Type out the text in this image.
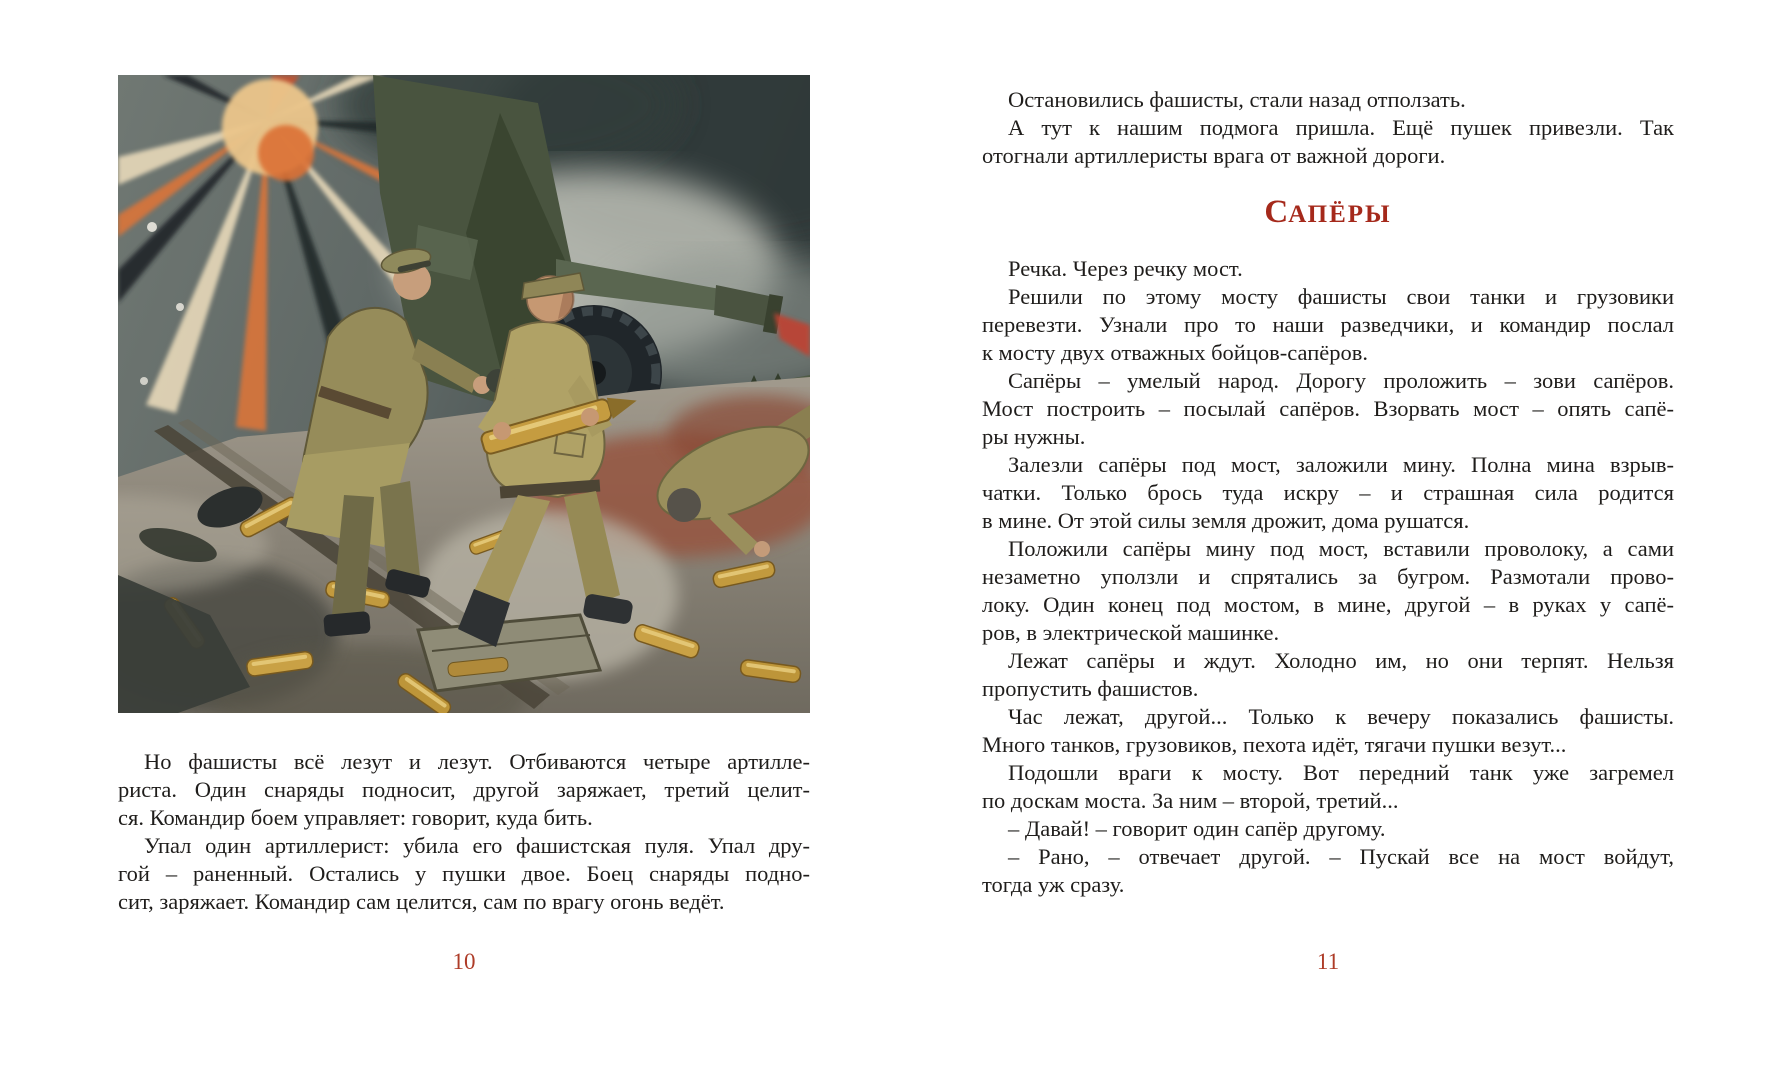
Но фашисты всё лезут и лезут. Отбиваются четыре артилле-
риста. Один снаряды подносит, другой заряжает, третий целит-
ся. Командир боем управляет: говорит, куда бить.
Упал один артиллерист: убила его фашистская пуля. Упал дру-
гой – раненный. Остались у пушки двое. Боец снаряды подно-
сит, заряжает. Командир сам целится, сам по врагу огонь ведёт.
10
Остановились фашисты, стали назад отползать.
А тут к нашим подмога пришла. Ещё пушек привезли. Так
отогнали артиллеристы врага от важной дороги.
САПЁРЫ
Речка. Через речку мост.
Решили по этому мосту фашисты свои танки и грузовики
перевезти. Узнали про то наши разведчики, и командир послал
к мосту двух отважных бойцов-сапёров.
Сапёры – умелый народ. Дорогу проложить – зови сапёров.
Мост построить – посылай сапёров. Взорвать мост – опять сапё-
ры нужны.
Залезли сапёры под мост, заложили мину. Полна мина взрыв-
чатки. Только брось туда искру – и страшная сила родится
в мине. От этой силы земля дрожит, дома рушатся.
Положили сапёры мину под мост, вставили проволоку, а сами
незаметно уползли и спрятались за бугром. Размотали прово-
локу. Один конец под мостом, в мине, другой – в руках у сапё-
ров, в электрической машинке.
Лежат сапёры и ждут. Холодно им, но они терпят. Нельзя
пропустить фашистов.
Час лежат, другой... Только к вечеру показались фашисты.
Много танков, грузовиков, пехота идёт, тягачи пушки везут...
Подошли враги к мосту. Вот передний танк уже загремел
по доскам моста. За ним – второй, третий...
– Давай! – говорит один сапёр другому.
– Рано, – отвечает другой. – Пускай все на мост войдут,
тогда уж сразу.
11
